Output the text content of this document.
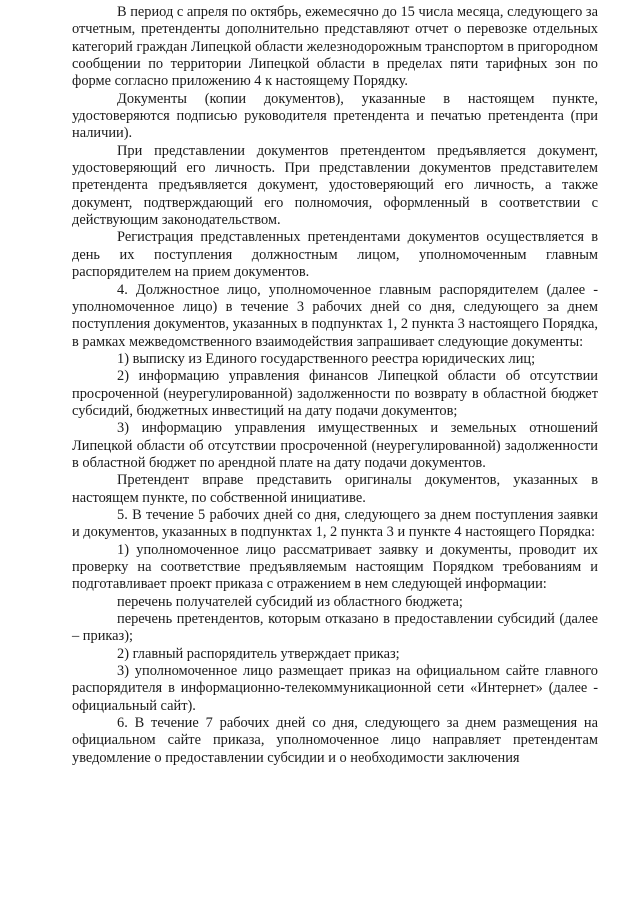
В период с апреля по октябрь, ежемесячно до 15 числа месяца, следующего за отчетным, претенденты дополнительно представляют отчет о перевозке отдельных категорий граждан Липецкой области железнодорожным транспортом в пригородном сообщении по территории Липецкой области в пределах пяти тарифных зон по форме согласно приложению 4 к настоящему Порядку.

Документы (копии документов), указанные в настоящем пункте, удостоверяются подписью руководителя претендента и печатью претендента (при наличии).

При представлении документов претендентом предъявляется документ, удостоверяющий его личность. При представлении документов представителем претендента предъявляется документ, удостоверяющий его личность, а также документ, подтверждающий его полномочия, оформленный в соответствии с действующим законодательством.

Регистрация представленных претендентами документов осуществляется в день их поступления должностным лицом, уполномоченным главным распорядителем на прием документов.

4. Должностное лицо, уполномоченное главным распорядителем (далее - уполномоченное лицо) в течение 3 рабочих дней со дня, следующего за днем поступления документов, указанных в подпунктах 1, 2 пункта 3 настоящего Порядка, в рамках межведомственного взаимодействия запрашивает следующие документы:

1) выписку из Единого государственного реестра юридических лиц;

2) информацию управления финансов Липецкой области об отсутствии просроченной (неурегулированной) задолженности по возврату в областной бюджет субсидий, бюджетных инвестиций на дату подачи документов;

3) информацию управления имущественных и земельных отношений Липецкой области об отсутствии просроченной (неурегулированной) задолженности в областной бюджет по арендной плате на дату подачи документов.

Претендент вправе представить оригиналы документов, указанных в настоящем пункте, по собственной инициативе.

5. В течение 5 рабочих дней со дня, следующего за днем поступления заявки и документов, указанных в подпунктах 1, 2 пункта 3 и пункте 4 настоящего Порядка:

1) уполномоченное лицо рассматривает заявку и документы, проводит их проверку на соответствие предъявляемым настоящим Порядком требованиям и подготавливает проект приказа с отражением в нем следующей информации:

перечень получателей субсидий из областного бюджета;

перечень претендентов, которым отказано в предоставлении субсидий (далее – приказ);

2) главный распорядитель утверждает приказ;

3) уполномоченное лицо размещает приказ на официальном сайте главного распорядителя в информационно-телекоммуникационной сети «Интернет» (далее - официальный сайт).

6. В течение 7 рабочих дней со дня, следующего за днем размещения на официальном сайте приказа, уполномоченное лицо направляет претендентам уведомление о предоставлении субсидии и о необходимости заключения
